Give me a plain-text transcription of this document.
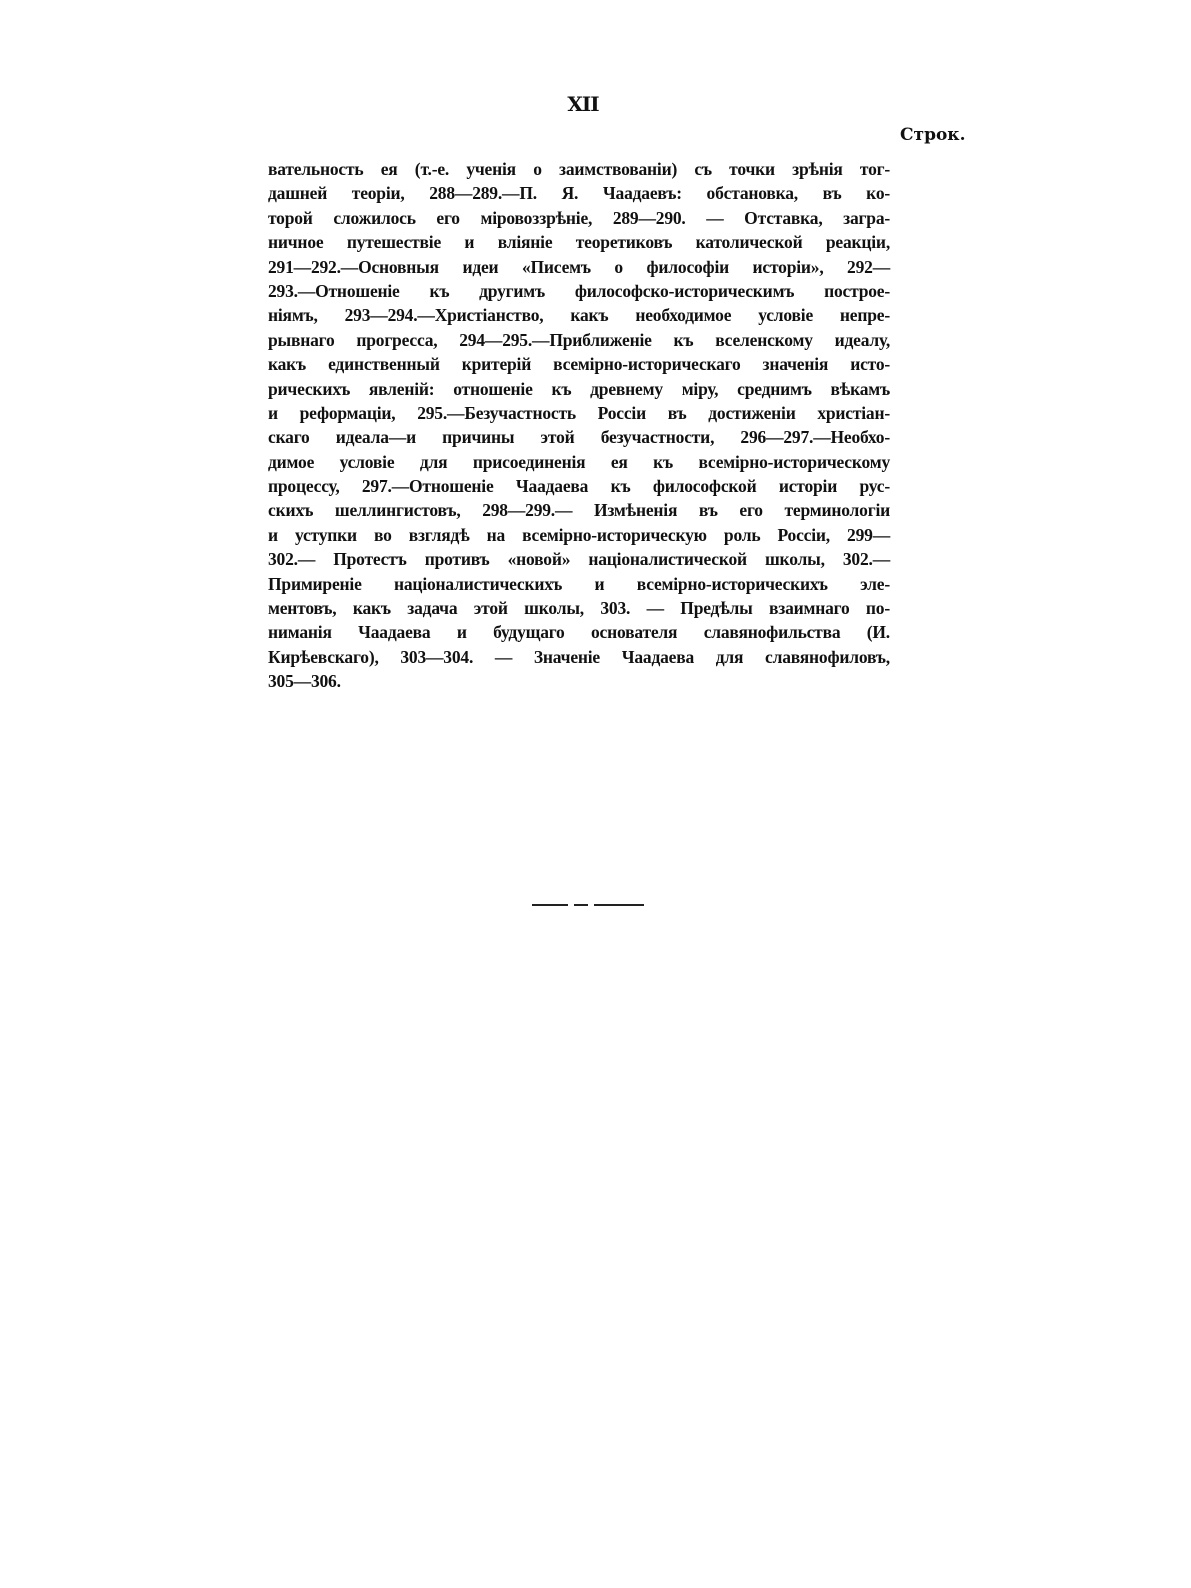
XII
Строк.
вательность ея (т.-е. ученія о заимствованіи) съ точки зрѣнія тог-
дашней теоріи, 288—289.—П. Я. Чаадаевъ: обстановка, въ ко-
торой сложилось его міровоззрѣніе, 289—290. — Отставка, загра-
ничное путешествіе и вліяніе теоретиковъ католической реакціи,
291—292.—Основныя идеи «Писемъ о философіи исторіи», 292—
293.—Отношеніе къ другимъ философско-историческимъ построе-
ніямъ, 293—294.—Христіанство, какъ необходимое условіе непре-
рывнаго прогресса, 294—295.—Приближеніе къ вселенскому идеалу,
какъ единственный критерій всемірно-историческаго значенія исто-
рическихъ явленій: отношеніе къ древнему міру, среднимъ вѣкамъ
и реформаціи, 295.—Безучастность Россіи въ достиженіи христіан-
скаго идеала—и причины этой безучастности, 296—297.—Необхо-
димое условіе для присоединенія ея къ всемірно-историческому
процессу, 297.—Отношеніе Чаадаева къ философской исторіи рус-
скихъ шеллингистовъ, 298—299.— Измѣненія въ его терминологіи
и уступки во взглядѣ на всемірно-историческую роль Россіи, 299—
302.— Протестъ противъ «новой» націоналистической школы, 302.—
Примиреніе націоналистическихъ и всемірно-историческихъ эле-
ментовъ, какъ задача этой школы, 303. — Предѣлы взаимнаго по-
ниманія Чаадаева и будущаго основателя славянофильства (И.
Кирѣевскаго), 303—304. — Значеніе Чаадаева для славянофиловъ,
305—306.
